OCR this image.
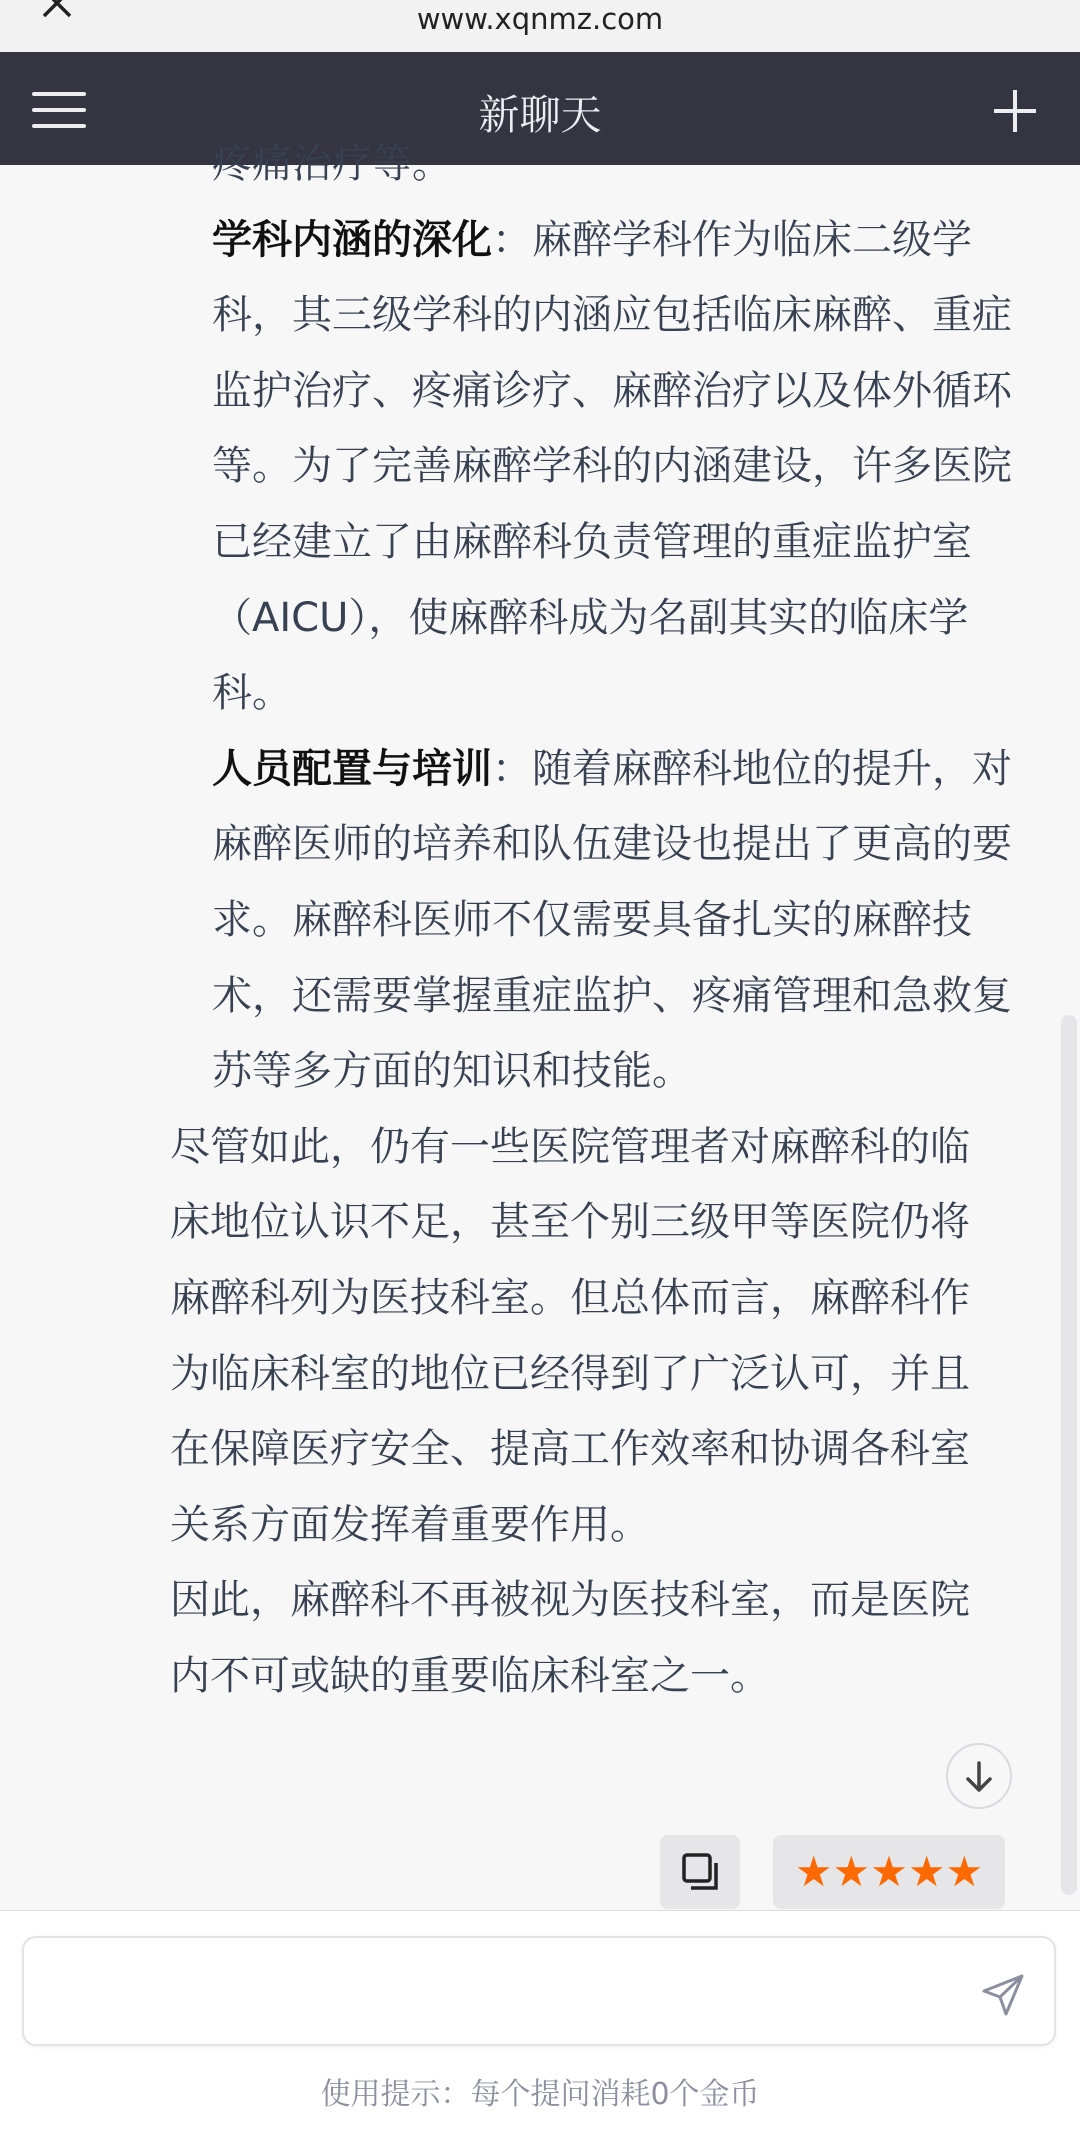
www.xqnmz.com
新聊天
疼痛治疗等。
学科内涵的深化：麻醉学科作为临床二级学科，其三级学科的内涵应包括临床麻醉、重症监护治疗、疼痛诊疗、麻醉治疗以及体外循环等。为了完善麻醉学科的内涵建设，许多医院已经建立了由麻醉科负责管理的重症监护室（AICU），使麻醉科成为名副其实的临床学科。
人员配置与培训：随着麻醉科地位的提升，对麻醉医师的培养和队伍建设也提出了更高的要求。麻醉科医师不仅需要具备扎实的麻醉技术，还需要掌握重症监护、疼痛管理和急救复苏等多方面的知识和技能。

尽管如此，仍有一些医院管理者对麻醉科的临床地位认识不足，甚至个别三级甲等医院仍将麻醉科列为医技科室。但总体而言，麻醉科作为临床科室的地位已经得到了广泛认可，并且在保障医疗安全、提高工作效率和协调各科室关系方面发挥着重要作用。

因此，麻醉科不再被视为医技科室，而是医院内不可或缺的重要临床科室之一。

★★★★★
使用提示：每个提问消耗0个金币
